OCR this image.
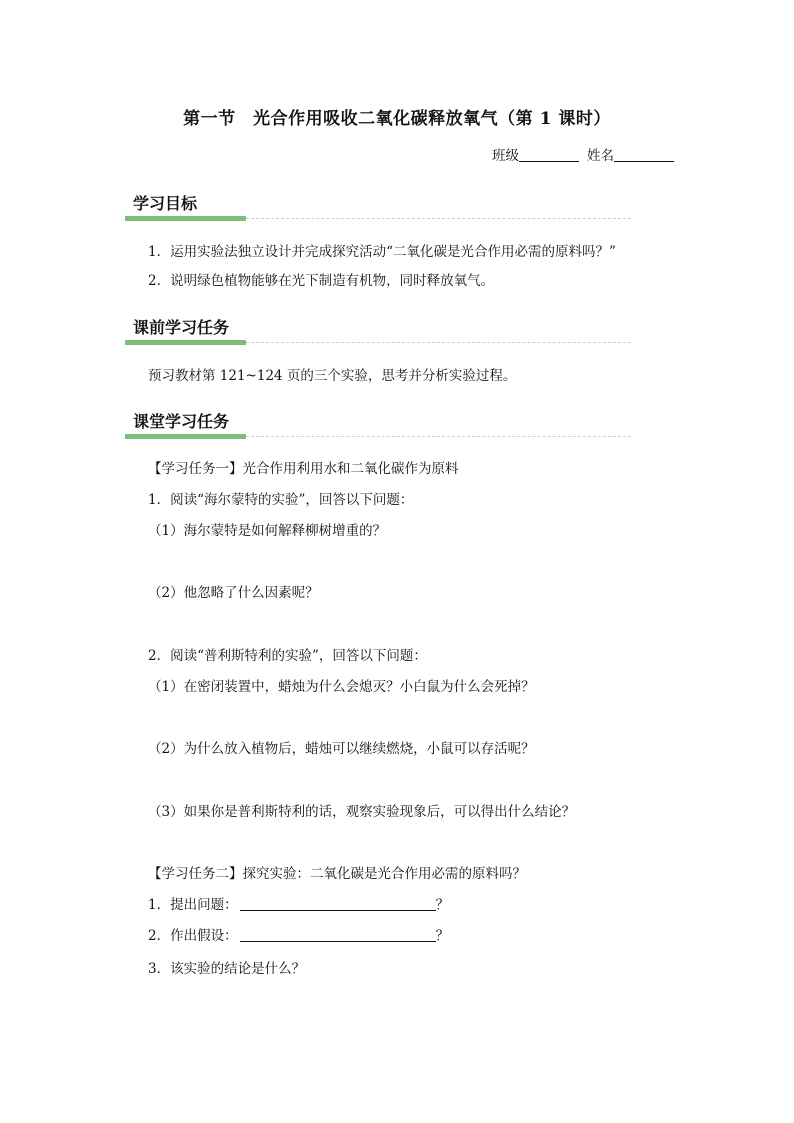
第一节　光合作用吸收二氧化碳释放氧气（第 1 课时）
班级	姓名
学习目标
1．运用实验法独立设计并完成探究活动“二氧化碳是光合作用必需的原料吗？”
2．说明绿色植物能够在光下制造有机物，同时释放氧气。
课前学习任务
预习教材第 121~124 页的三个实验，思考并分析实验过程。
课堂学习任务
【学习任务一】光合作用利用水和二氧化碳作为原料
1．阅读“海尔蒙特的实验”，回答以下问题：
（1）海尔蒙特是如何解释柳树增重的？
（2）他忽略了什么因素呢？
2．阅读“普利斯特利的实验”，回答以下问题：
（1）在密闭装置中，蜡烛为什么会熄灭？小白鼠为什么会死掉？
（2）为什么放入植物后，蜡烛可以继续燃烧，小鼠可以存活呢？
（3）如果你是普利斯特利的话，观察实验现象后，可以得出什么结论？
【学习任务二】探究实验：二氧化碳是光合作用必需的原料吗？
1．提出问题：	？
2．作出假设：	？
3．该实验的结论是什么？
